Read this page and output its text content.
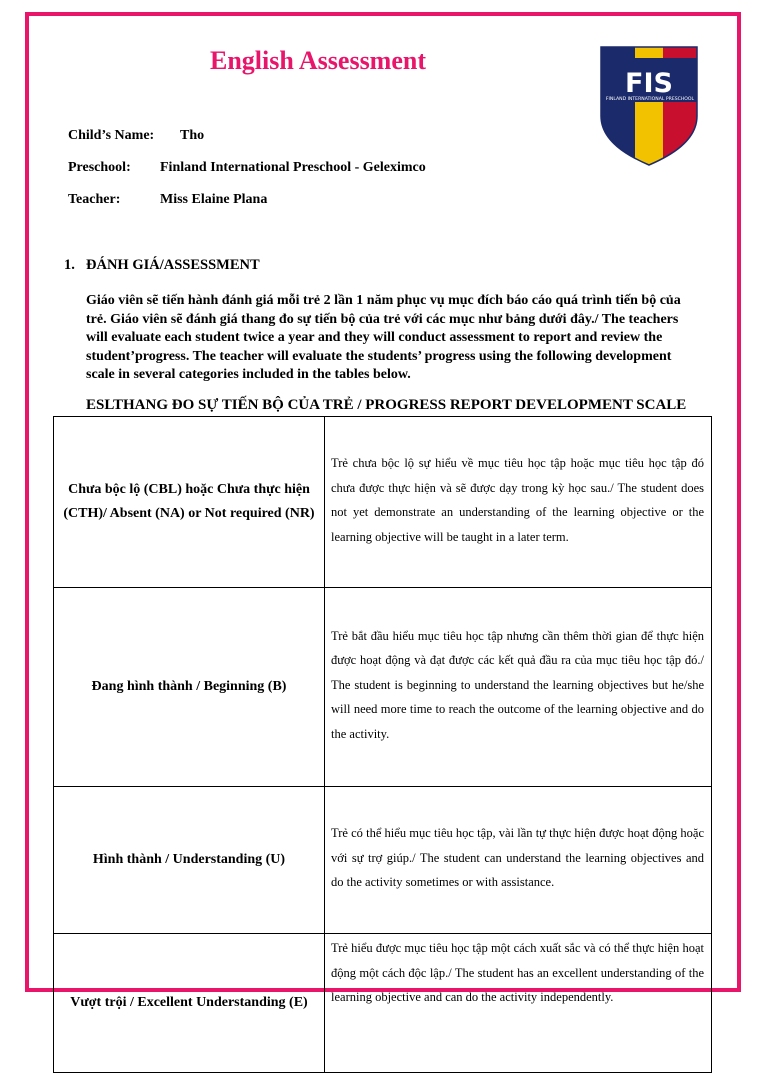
English Assessment
FIS
FINLAND INTERNATIONAL PRESCHOOL
Child’s Name: Tho
Preschool: Finland International Preschool - Geleximco
Teacher:	Miss Elaine Plana
1. ĐÁNH GIÁ/ASSESSMENT
Giáo viên sẽ tiến hành đánh giá mỗi trẻ 2 lần 1 năm phục vụ mục đích báo cáo quá trình tiến bộ của trẻ. Giáo viên sẽ đánh giá thang đo sự tiến bộ của trẻ với các mục như bảng dưới đây./ The teachers will evaluate each student twice a year and they will conduct assessment to report and review the student’progress. The teacher will evaluate the students’ progress using the following development scale in several categories included in the tables below.
ESLTHANG ĐO SỰ TIẾN BỘ CỦA TRẺ / PROGRESS REPORT DEVELOPMENT SCALE
Chưa bộc lộ (CBL) hoặc Chưa thực hiện (CTH)/ Absent (NA) or Not required (NR)	Trẻ chưa bộc lộ sự hiểu về mục tiêu học tập hoặc mục tiêu học tập đó chưa được thực hiện và sẽ được dạy trong kỳ học sau./ The student does not yet demonstrate an understanding of the learning objective or the learning objective will be taught in a later term.
Đang hình thành / Beginning (B)	Trẻ bắt đầu hiểu mục tiêu học tập nhưng cần thêm thời gian để thực hiện được hoạt động và đạt được các kết quả đầu ra của mục tiêu học tập đó./ The student is beginning to understand the learning objectives but he/she will need more time to reach the outcome of the learning objective and do the activity.
Hình thành / Understanding (U)	Trẻ có thể hiểu mục tiêu học tập, vài lần tự thực hiện được hoạt động hoặc với sự trợ giúp./ The student can understand the learning objectives and do the activity sometimes or with assistance.
Vượt trội / Excellent Understanding (E)	Trẻ hiểu được mục tiêu học tập một cách xuất sắc và có thể thực hiện hoạt động một cách độc lập./ The student has an excellent understanding of the learning objective and can do the activity independently.
